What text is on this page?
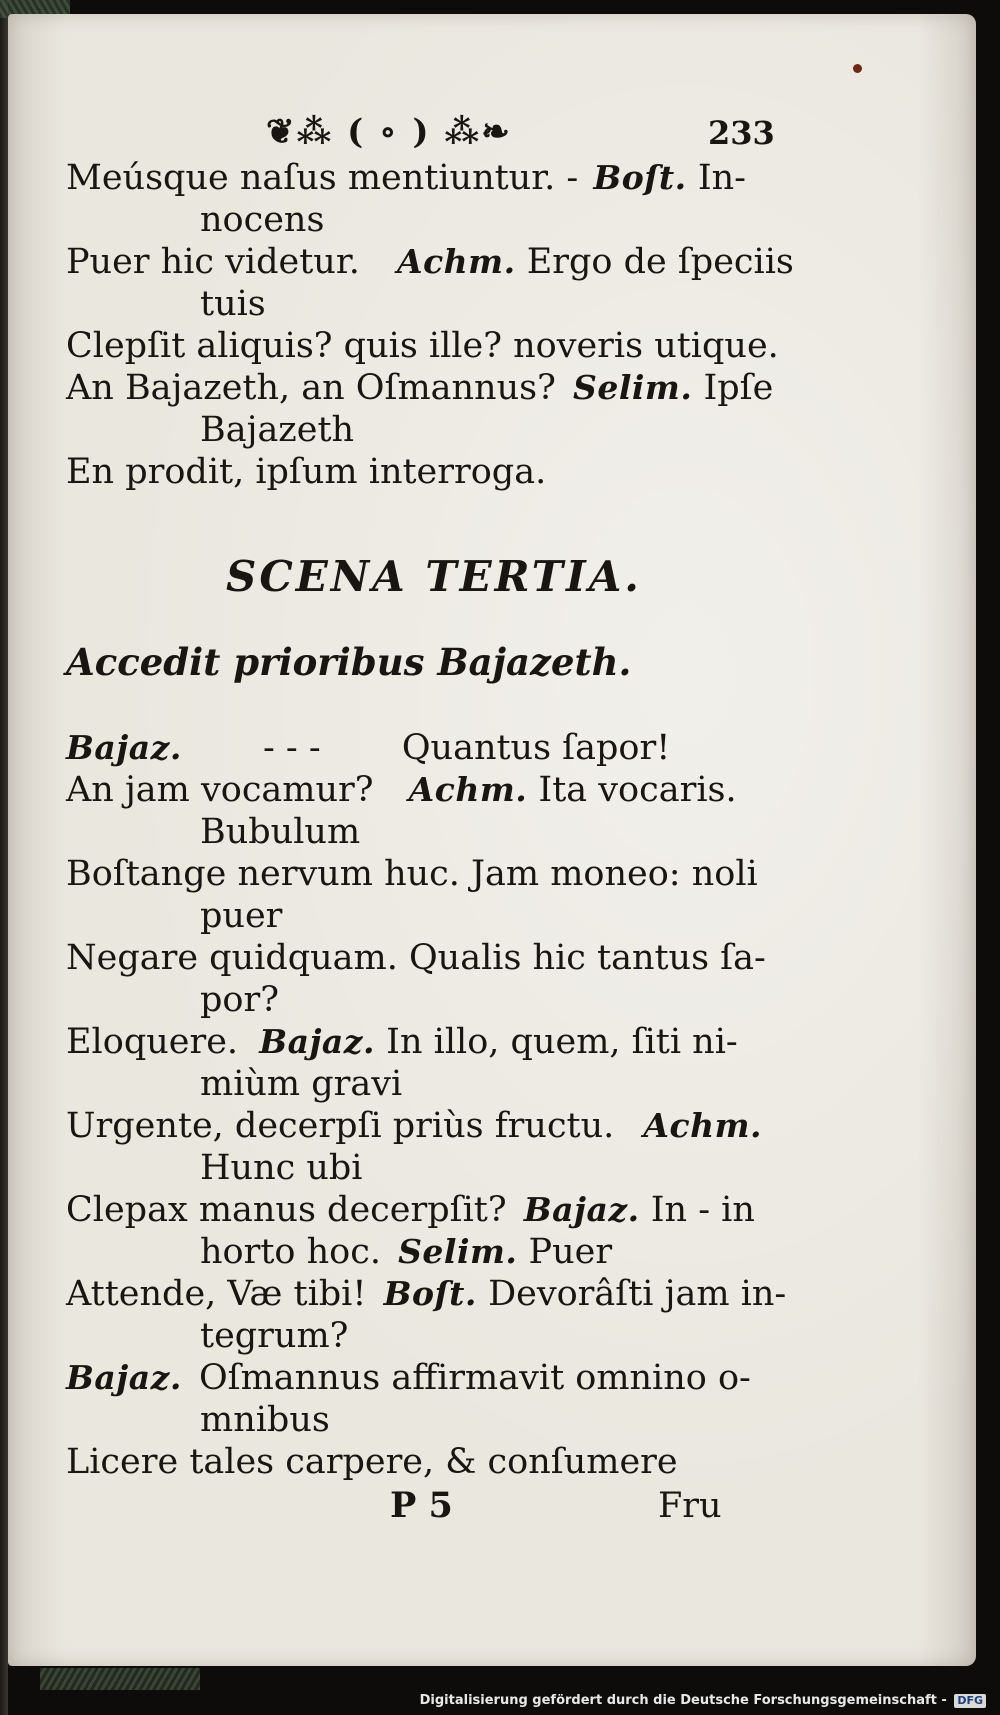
❦⁂ ( ∘ ) ⁂❧	233
Meúsque naſus mentiuntur. - Boſt. In-
nocens
Puer hic videtur. Achm. Ergo de ſpeciis
tuis
Clepſit aliquis? quis ille? noveris utique.
An Bajazeth, an Oſmannus? Selim. Ipſe
Bajazeth
En prodit, ipſum interroga.
SCENA TERTIA.
Accedit prioribus Bajazeth.
Bajaz. - - - Quantus ſapor!
An jam vocamur? Achm. Ita vocaris.
Bubulum
Boſtange nervum huc. Jam moneo: noli
puer
Negare quidquam. Qualis hic tantus ſa-
por?
Eloquere. Bajaz. In illo, quem, ſiti ni-
miùm gravi
Urgente, decerpſi priùs fructu. Achm.
Hunc ubi
Clepax manus decerpſit? Bajaz. In - in
horto hoc. Selim. Puer
Attende, Væ tibi! Boſt. Devorâſti jam in-
tegrum?
Bajaz. Oſmannus affirmavit omnino o-
mnibus
Licere tales carpere, & conſumere
P 5	Fru
Digitalisierung gefördert durch die Deutsche Forschungsgemeinschaft - DFG
